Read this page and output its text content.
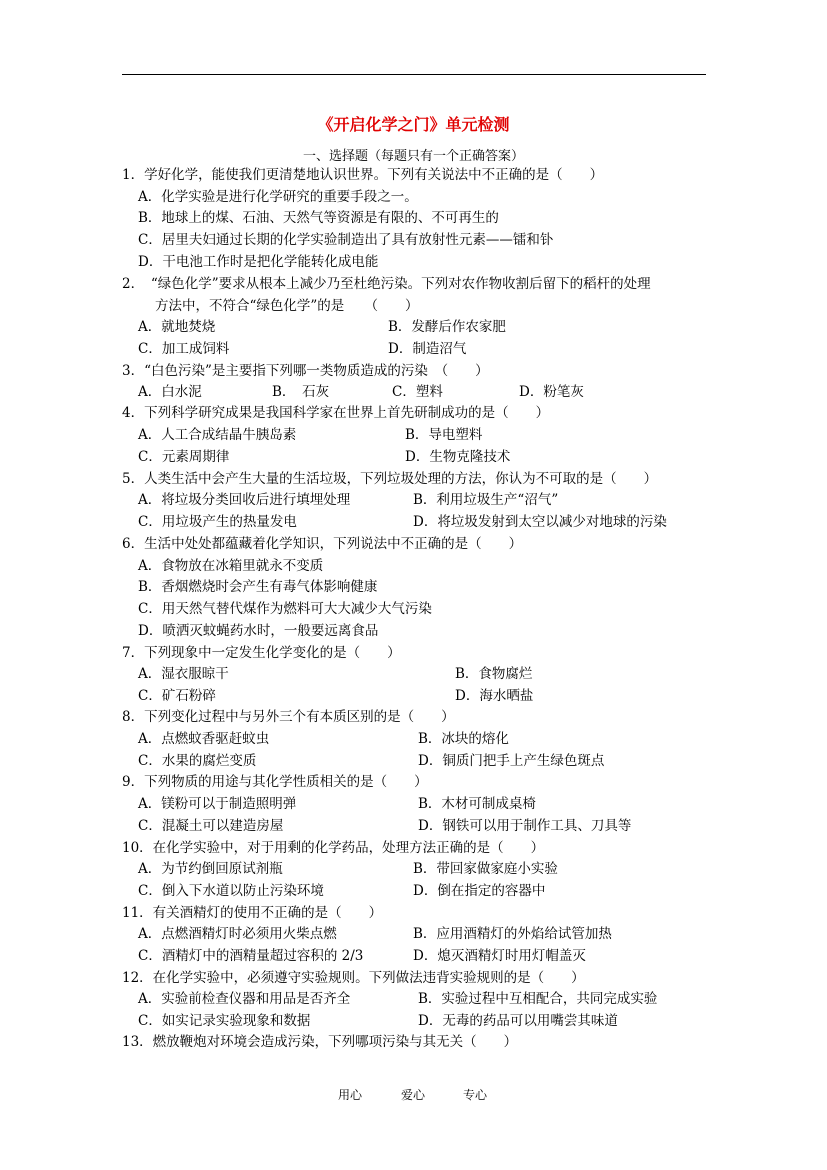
《开启化学之门》单元检测
一、选择题（每题只有一个正确答案）
1．学好化学，能使我们更清楚地认识世界。下列有关说法中不正确的是（　　）
A．化学实验是进行化学研究的重要手段之一。
B．地球上的煤、石油、天然气等资源是有限的、不可再生的
C．居里夫妇通过长期的化学实验制造出了具有放射性元素——镭和钋
D．干电池工作时是把化学能转化成电能
2．　“绿色化学”要求从根本上减少乃至杜绝污染。下列对农作物收割后留下的稻杆的处理
方法中，不符合“绿色化学”的是　　（　　）
A．就地焚烧	B．发酵后作农家肥
C．加工成饲料	D．制造沼气
3．“白色污染”是主要指下列哪一类物质造成的污染　（　　）
A．白水泥	B．　石灰	C．塑料	D．粉笔灰
4．下列科学研究成果是我国科学家在世界上首先研制成功的是（　　）
A．人工合成结晶牛胰岛素	B．导电塑料
C．元素周期律	D．生物克隆技术
5．人类生活中会产生大量的生活垃圾，下列垃圾处理的方法，你认为不可取的是（　　）
A．将垃圾分类回收后进行填埋处理	B．利用垃圾生产“沼气”
C．用垃圾产生的热量发电	D．将垃圾发射到太空以减少对地球的污染
6．生活中处处都蕴藏着化学知识，下列说法中不正确的是（　　）
A．食物放在冰箱里就永不变质
B．香烟燃烧时会产生有毒气体影响健康
C．用天然气替代煤作为燃料可大大减少大气污染
D．喷洒灭蚊蝇药水时，一般要远离食品
7．下列现象中一定发生化学变化的是（　　）
A．湿衣服晾干	B．食物腐烂
C．矿石粉碎	D．海水晒盐
8．下列变化过程中与另外三个有本质区别的是（　　）
A．点燃蚊香驱赶蚊虫	B．冰块的熔化
C．水果的腐烂变质	D．铜质门把手上产生绿色斑点
9．下列物质的用途与其化学性质相关的是（　　）
A．镁粉可以于制造照明弹	B．木材可制成桌椅
C．混凝土可以建造房屋	D．钢铁可以用于制作工具、刀具等
10．在化学实验中，对于用剩的化学药品，处理方法正确的是（　　）
A．为节约倒回原试剂瓶	B．带回家做家庭小实验
C．倒入下水道以防止污染环境	D．倒在指定的容器中
11．有关酒精灯的使用不正确的是（　　）
A．点燃酒精灯时必须用火柴点燃	B．应用酒精灯的外焰给试管加热
C．酒精灯中的酒精量超过容积的 2/3	D．熄灭酒精灯时用灯帽盖灭
12．在化学实验中，必须遵守实验规则。下列做法违背实验规则的是（　　）
A．实验前检查仪器和用品是否齐全	B．实验过程中互相配合，共同完成实验
C．如实记录实验现象和数据	D．无毒的药品可以用嘴尝其味道
13．燃放鞭炮对环境会造成污染，下列哪项污染与其无关（　　）
用心	爱心	专心
